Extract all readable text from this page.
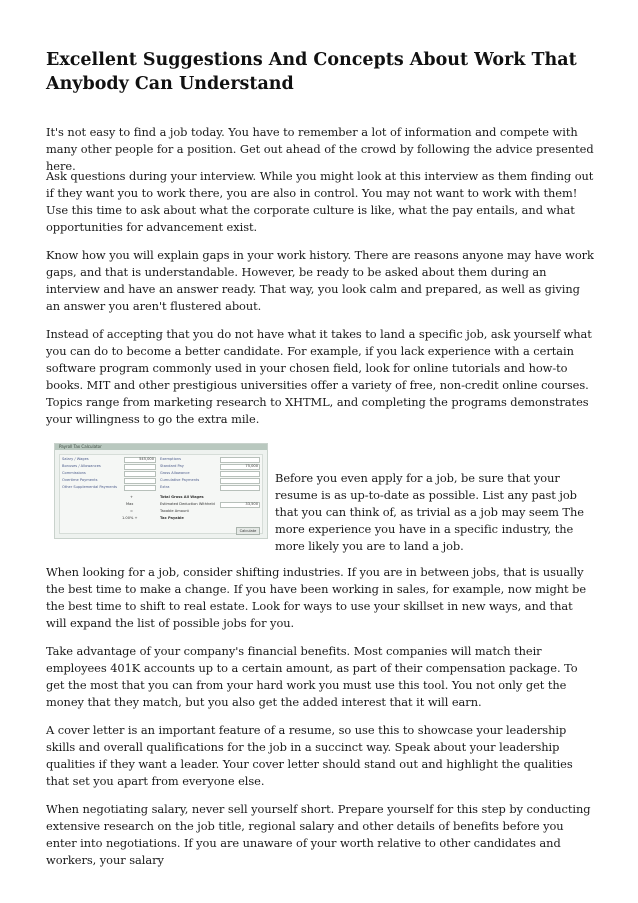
Excellent Suggestions And Concepts About Work That Anybody Can Understand

It's not easy to find a job today. You have to remember a lot of information and compete with many other people for a position. Get out ahead of the crowd by following the advice presented here.

Ask questions during your interview. While you might look at this interview as them finding out if they want you to work there, you are also in control. You may not want to work with them! Use this time to ask about what the corporate culture is like, what the pay entails, and what opportunities for advancement exist.

Know how you will explain gaps in your work history. There are reasons anyone may have work gaps, and that is understandable. However, be ready to be asked about them during an interview and have an answer ready. That way, you look calm and prepared, as well as giving an answer you aren't flustered about.

Instead of accepting that you do not have what it takes to land a specific job, ask yourself what you can do to become a better candidate. For example, if you lack experience with a certain software program commonly used in your chosen field, look for online tutorials and how-to books. MIT and other prestigious universities offer a variety of free, non-credit online courses. Topics range from marketing research to XHTML, and completing the programs demonstrates your willingness to go the extra mile.

Payroll Tax Calculator
Salary / Wages
Bonuses / Allowances
Commissions
Overtime Payments
Other Supplemental Payments
545,000 Exemptions
Standard Pay
Gross Allowance
Cumulative Payments
Extra
75,000
+
Max
=
1.00% +
Total Gross All Wages
Estimated Deduction Withheld
Taxable Amount
Tax Payable
33,500
Calculate

Before you even apply for a job, be sure that your resume is as up-to-date as possible. List any past job that you can think of, as trivial as a job may seem The more experience you have in a specific industry, the more likely you are to land a job.

When looking for a job, consider shifting industries. If you are in between jobs, that is usually the best time to make a change. If you have been working in sales, for example, now might be the best time to shift to real estate. Look for ways to use your skillset in new ways, and that will expand the list of possible jobs for you.

Take advantage of your company's financial benefits. Most companies will match their employees 401K accounts up to a certain amount, as part of their compensation package. To get the most that you can from your hard work you must use this tool. You not only get the money that they match, but you also get the added interest that it will earn.

A cover letter is an important feature of a resume, so use this to showcase your leadership skills and overall qualifications for the job in a succinct way. Speak about your leadership qualities if they want a leader. Your cover letter should stand out and highlight the qualities that set you apart from everyone else.

When negotiating salary, never sell yourself short. Prepare yourself for this step by conducting extensive research on the job title, regional salary and other details of benefits before you enter into negotiations. If you are unaware of your worth relative to other candidates and workers, your salary
